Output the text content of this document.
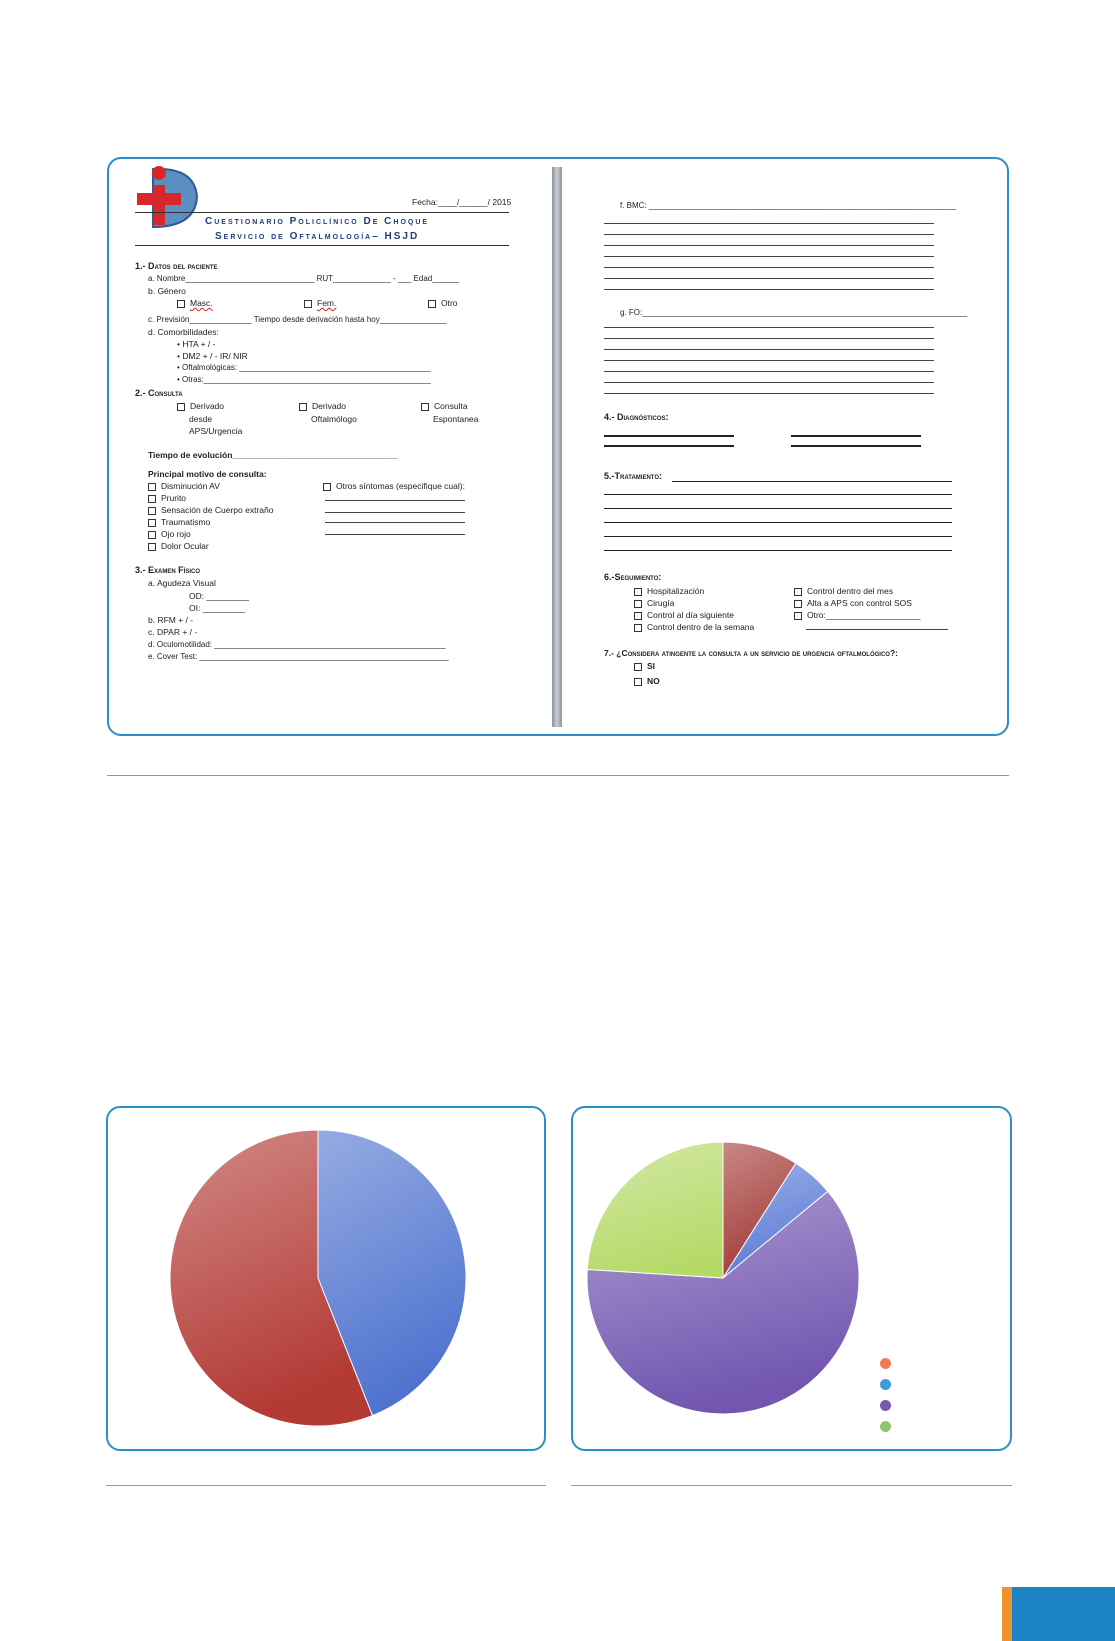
Fecha:____/______/ 2015
Cuestionario Policlínico De Choque
Servicio de Oftalmología– HSJD
1.- Datos del paciente
a. Nombre_____________________________ RUT_____________ - ___ Edad______
b. Género
Masc.	Fem.	Otro
c. Previsión______________ Tiempo desde derivación hasta hoy_______________
d. Comorbilidades:
• HTA + / -
• DM2 + / - IR/ NIR
• Oftalmológicas: ___________________________________________
• Otras:___________________________________________________
2.- Consulta
Derivado
desde
APS/Urgencia
Derivado
Oftalmólogo
Consulta
Espontanea
Tiempo de evolución___________________________________
Principal motivo de consulta:
Disminución AV
Prurito
Sensación de Cuerpo extraño
Traumatismo
Ojo rojo
Dolor Ocular
Otros síntomas (especifique cual):
3.- Examen Físico
a. Agudeza Visual
OD: _________
OI: _________
b. RFM + / -
c. DPAR + / -
d. Oculomotilidad: ____________________________________________________
e. Cover Test: ________________________________________________________
f. BMC: _____________________________________________________________________
g. FO:_________________________________________________________________________
4.- Diagnósticos:
5.-Tratamiento:
6.-Seguimiento:
Hospitalización
Cirugía
Control al día siguiente
Control dentro de la semana
Control dentro del mes
Alta a APS con control SOS
Otro:____________________
7.- ¿Considera atingente la consulta a un servicio de urgencia oftalmológico?:
SI
NO
